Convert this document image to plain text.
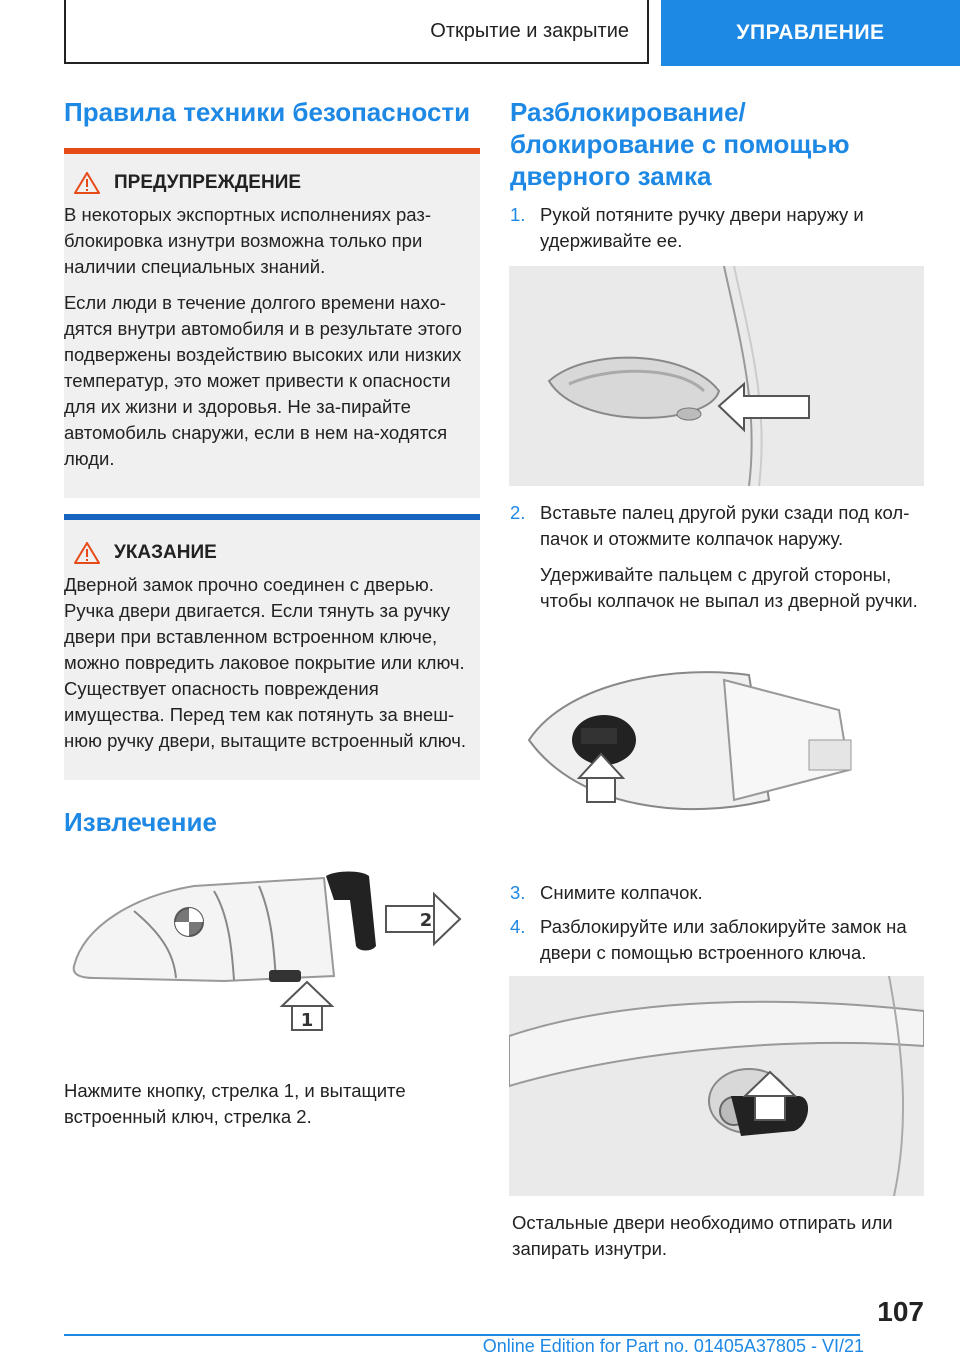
Открытие и закрытие	УПРАВЛЕНИЕ
Правила техники безопасности
ПРЕДУПРЕЖДЕНИЕ

В некоторых экспортных исполнениях раз-блокировка изнутри возможна только при наличии специальных знаний.

Если люди в течение долгого времени нахо-дятся внутри автомобиля и в результате этого подвержены воздействию высоких или низких температур, это может привести к опасности для их жизни и здоровья. Не за-пирайте автомобиль снаружи, если в нем на-ходятся люди.

УКАЗАНИЕ

Дверной замок прочно соединен с дверью. Ручка двери двигается. Если тянуть за ручку двери при вставленном встроенном ключе, можно повредить лаковое покрытие или ключ. Существует опасность повреждения имущества. Перед тем как потянуть за внеш-нюю ручку двери, вытащите встроенный ключ.

Извлечение
1
2

Нажмите кнопку, стрелка 1, и вытащите встроенный ключ, стрелка 2.

Разблокирование/ блокирование с помощью дверного замка
1. Рукой потяните ручку двери наружу и удерживайте ее.

2. Вставьте палец другой руки сзади под кол-пачок и отожмите колпачок наружу.

Удерживайте пальцем с другой стороны, чтобы колпачок не выпал из дверной ручки.

3. Снимите колпачок.

4. Разблокируйте или заблокируйте замок на двери с помощью встроенного ключа.

Остальные двери необходимо отпирать или запирать изнутри.

107
Online Edition for Part no. 01405A37805 - VI/21
